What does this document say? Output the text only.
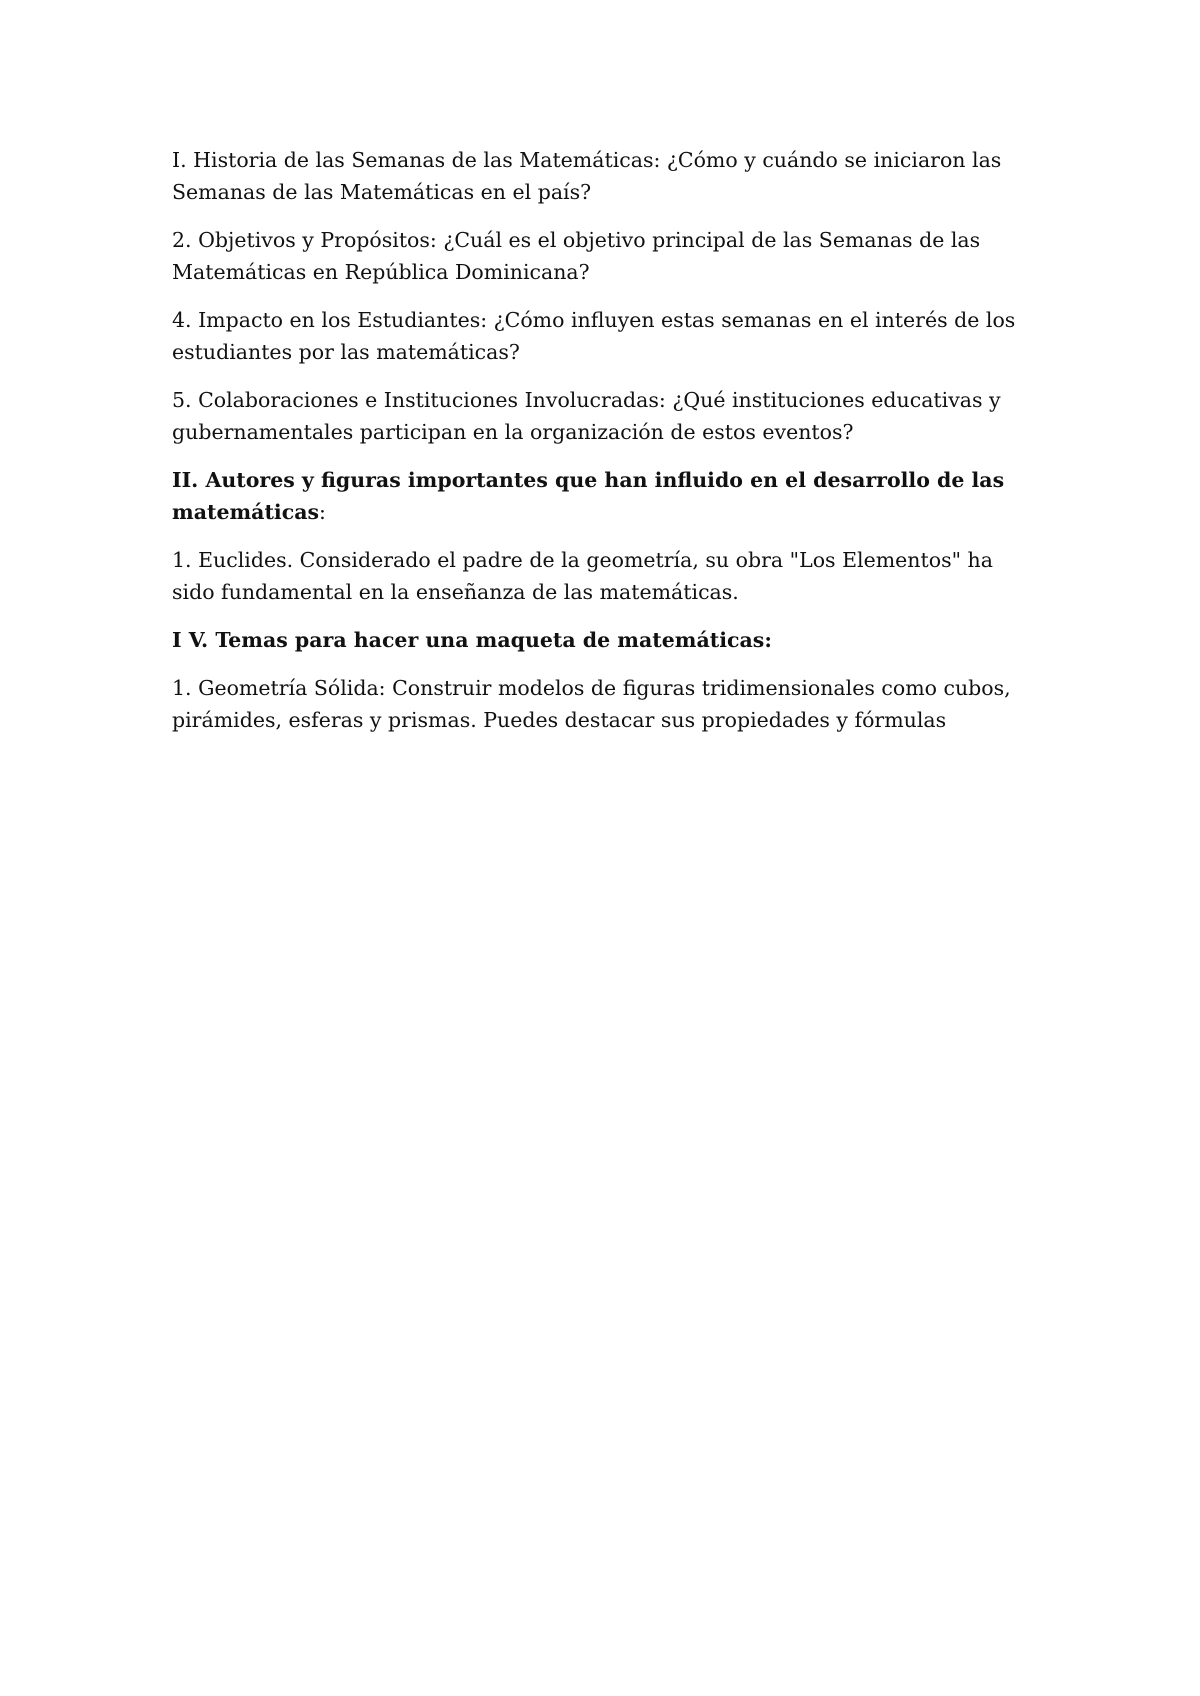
I. Historia de las Semanas de las Matemáticas: ¿Cómo y cuándo se iniciaron las Semanas de las Matemáticas en el país?

2. Objetivos y Propósitos: ¿Cuál es el objetivo principal de las Semanas de las Matemáticas en República Dominicana?

4. Impacto en los Estudiantes: ¿Cómo influyen estas semanas en el interés de los estudiantes por las matemáticas?

5. Colaboraciones e Instituciones Involucradas: ¿Qué instituciones educativas y gubernamentales participan en la organización de estos eventos?

II. Autores y figuras importantes que han influido en el desarrollo de las matemáticas:

1. Euclides. Considerado el padre de la geometría, su obra "Los Elementos" ha sido fundamental en la enseñanza de las matemáticas.

I V. Temas para hacer una maqueta de matemáticas:

1. Geometría Sólida: Construir modelos de figuras tridimensionales como cubos, pirámides, esferas y prismas. Puedes destacar sus propiedades y fórmulas
